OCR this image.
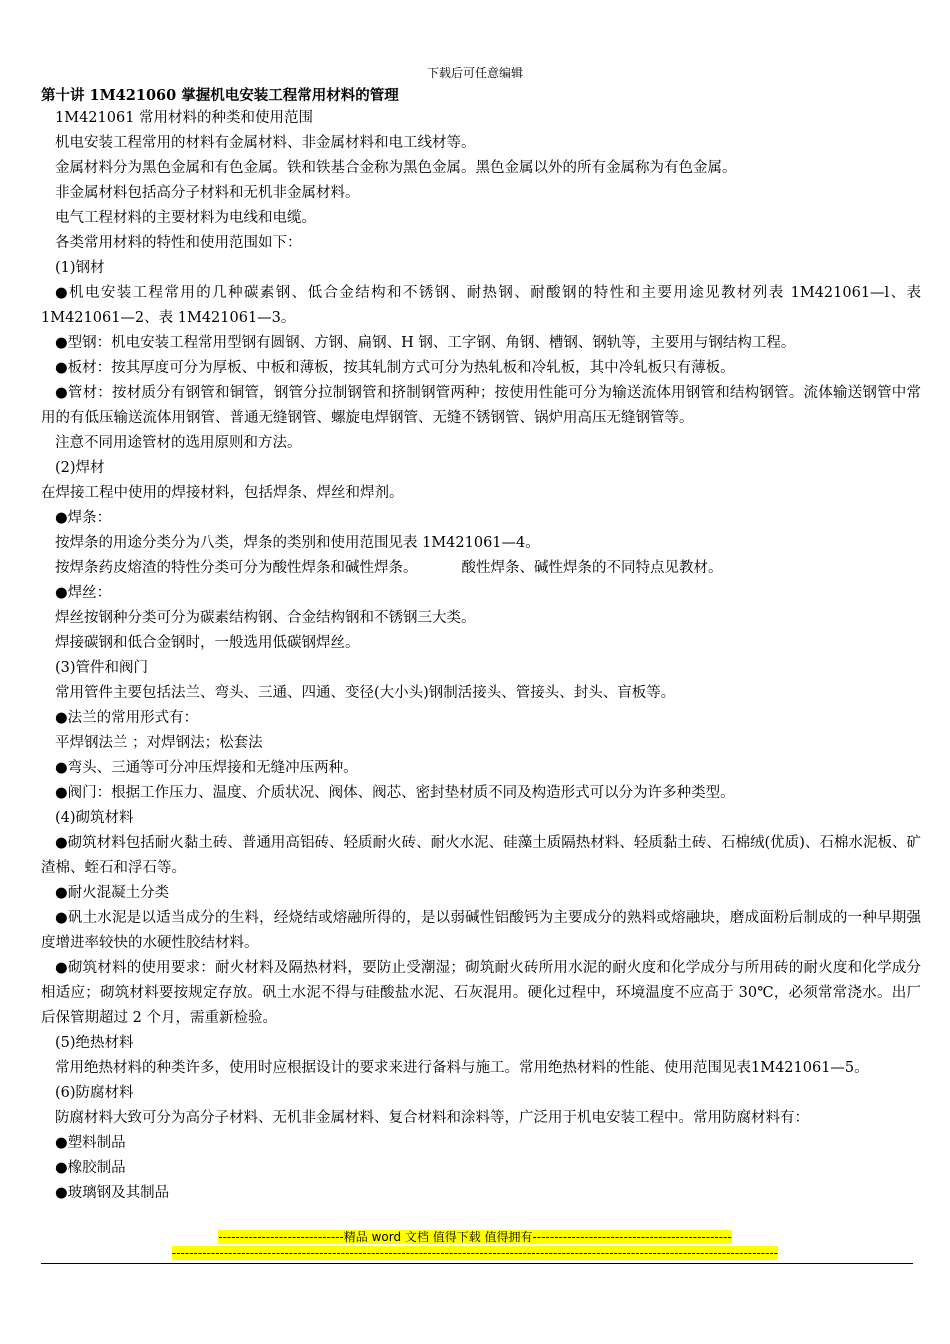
下载后可任意编辑
第十讲 1M421060 掌握机电安装工程常用材料的管理
1M421061 常用材料的种类和使用范围
机电安装工程常用的材料有金属材料、非金属材料和电工线材等。
金属材料分为黑色金属和有色金属。铁和铁基合金称为黑色金属。黑色金属以外的所有金属称为有色金属。
非金属材料包括高分子材料和无机非金属材料。
电气工程材料的主要材料为电线和电缆。
各类常用材料的特性和使用范围如下：
(1)钢材
●机电安装工程常用的几种碳素钢、低合金结构和不锈钢、耐热钢、耐酸钢的特性和主要用途见教材列表 1M421061—l、表 1M421061—2、表 1M421061—3。
●型钢：机电安装工程常用型钢有圆钢、方钢、扁钢、H 钢、工字钢、角钢、槽钢、钢轨等，主要用与钢结构工程。
●板材：按其厚度可分为厚板、中板和薄板，按其轧制方式可分为热轧板和冷轧板，其中冷轧板只有薄板。
●管材：按材质分有钢管和铜管，钢管分拉制钢管和挤制钢管两种；按使用性能可分为输送流体用钢管和结构钢管。流体输送钢管中常用的有低压输送流体用钢管、普通无缝钢管、螺旋电焊钢管、无缝不锈钢管、锅炉用高压无缝钢管等。
注意不同用途管材的选用原则和方法。
(2)焊材
在焊接工程中使用的焊接材料，包括焊条、焊丝和焊剂。
●焊条：
按焊条的用途分类分为八类，焊条的类别和使用范围见表 1M421061—4。
按焊条药皮熔渣的特性分类可分为酸性焊条和碱性焊条。	酸性焊条、碱性焊条的不同特点见教材。
●焊丝：
焊丝按钢种分类可分为碳素结构钢、合金结构钢和不锈钢三大类。
焊接碳钢和低合金钢时，一般选用低碳钢焊丝。
(3)管件和阀门
常用管件主要包括法兰、弯头、三通、四通、变径(大小头)钢制活接头、管接头、封头、盲板等。
●法兰的常用形式有：
平焊钢法兰 ；对焊钢法；松套法
●弯头、三通等可分冲压焊接和无缝冲压两种。
●阀门：根据工作压力、温度、介质状况、阀体、阀芯、密封垫材质不同及构造形式可以分为许多种类型。
(4)砌筑材料
●砌筑材料包括耐火黏土砖、普通用高铝砖、轻质耐火砖、耐火水泥、硅藻土质隔热材料、轻质黏土砖、石棉绒(优质)、石棉水泥板、矿渣棉、蛭石和浮石等。
●耐火混凝土分类
●矾土水泥是以适当成分的生料，经烧结或熔融所得的，是以弱碱性铝酸钙为主要成分的熟料或熔融块，磨成面粉后制成的一种早期强度增进率较快的水硬性胶结材料。
●砌筑材料的使用要求：耐火材料及隔热材料，要防止受潮湿；砌筑耐火砖所用水泥的耐火度和化学成分与所用砖的耐火度和化学成分相适应；砌筑材料要按规定存放。矾土水泥不得与硅酸盐水泥、石灰混用。硬化过程中，环境温度不应高于 30℃，必须常常浇水。出厂后保管期超过 2 个月，需重新检验。
(5)绝热材料
常用绝热材料的种类许多，使用时应根据设计的要求来进行备料与施工。常用绝热材料的性能、使用范围见表1M421061—5。
(6)防腐材料
防腐材料大致可分为高分子材料、无机非金属材料、复合材料和涂料等，广泛用于机电安装工程中。常用防腐材料有：
●塑料制品
●橡胶制品
●玻璃钢及其制品
-----------------------------精品 word 文档 值得下载 值得拥有----------------------------------------------
--------------------------------------------------------------------------------------------------------------------------------------------
